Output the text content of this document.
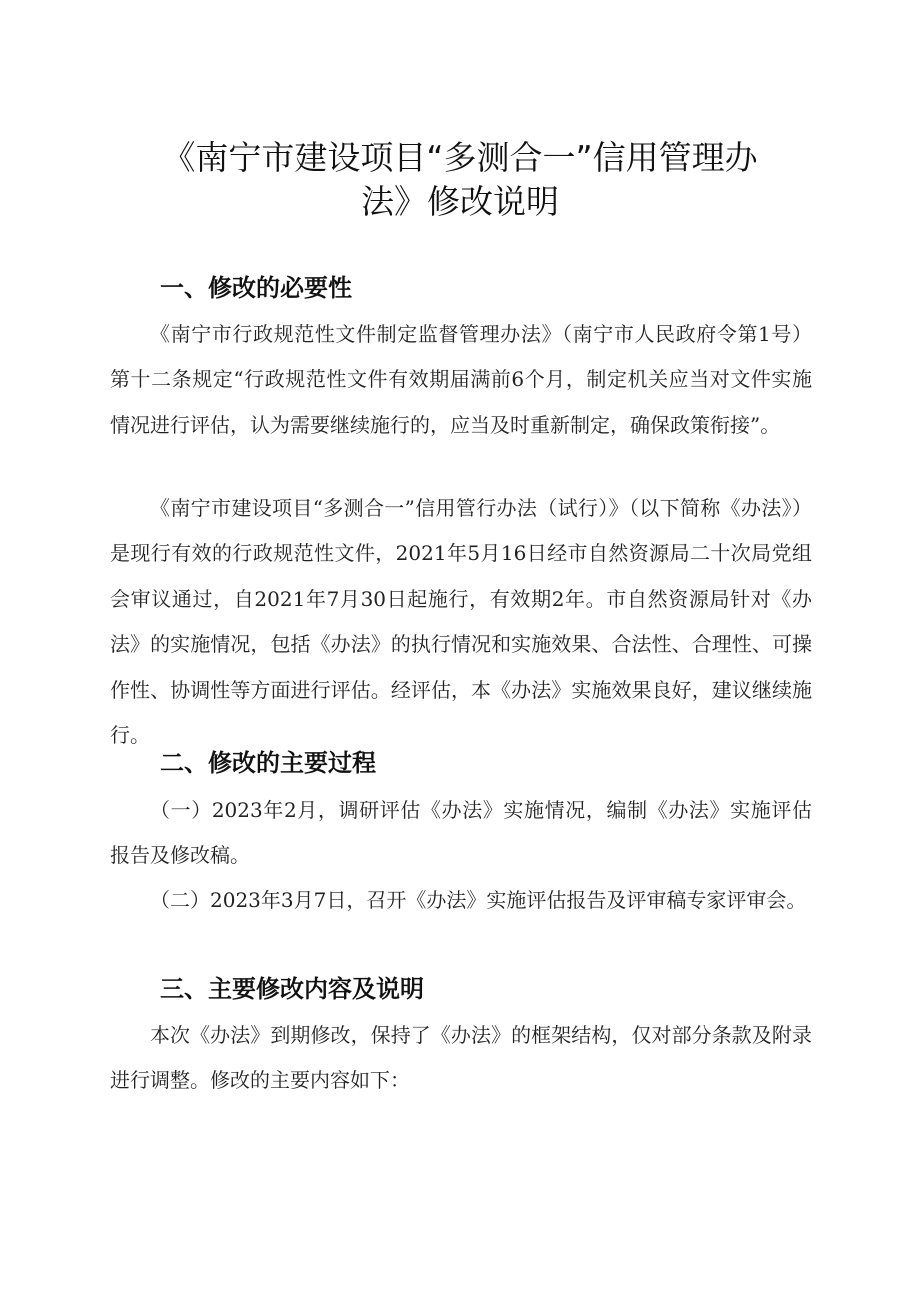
《南宁市建设项目“多测合一”信用管理办
法》修改说明
一、修改的必要性

《南宁市行政规范性文件制定监督管理办法》（南宁市人民政府令第1号）第十二条规定“行政规范性文件有效期届满前6个月，制定机关应当对文件实施情况进行评估，认为需要继续施行的，应当及时重新制定，确保政策衔接”。

《南宁市建设项目“多测合一”信用管行办法（试行）》（以下简称《办法》）是现行有效的行政规范性文件，2021年5月16日经市自然资源局二十次局党组会审议通过，自2021年7月30日起施行，有效期2年。市自然资源局针对《办法》的实施情况，包括《办法》的执行情况和实施效果、合法性、合理性、可操作性、协调性等方面进行评估。经评估，本《办法》实施效果良好，建议继续施行。

二、修改的主要过程

（一）2023年2月，调研评估《办法》实施情况，编制《办法》实施评估报告及修改稿。

（二）2023年3月7日，召开《办法》实施评估报告及评审稿专家评审会。

三、主要修改内容及说明

本次《办法》到期修改，保持了《办法》的框架结构，仅对部分条款及附录进行调整。修改的主要内容如下：
